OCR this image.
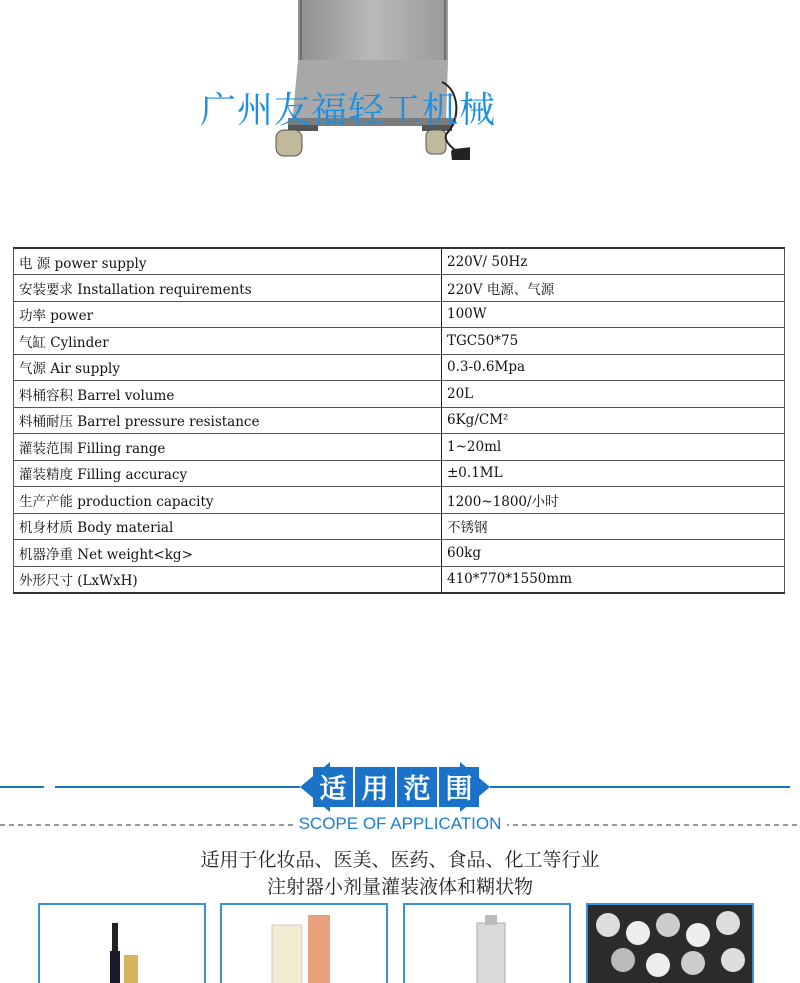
广州友福轻工机械
电 源 power supply	220V/ 50Hz
安装要求 Installation requirements	220V 电源、气源
功率 power	100W
气缸 Cylinder	TGC50*75
气源 Air supply	0.3-0.6Mpa
料桶容积 Barrel volume	20L
料桶耐压 Barrel pressure resistance	6Kg/CM²
灌装范围 Filling range	1~20ml
灌装精度 Filling accuracy	±0.1ML
生产产能 production capacity	1200~1800/小时
机身材质 Body material	不锈钢
机器净重 Net weight<kg>	60kg
外形尺寸 (LxWxH)	410*770*1550mm
适 用 范 围
SCOPE OF APPLICATION
适用于化妆品、医美、医药、食品、化工等行业
注射器小剂量灌装液体和糊状物
